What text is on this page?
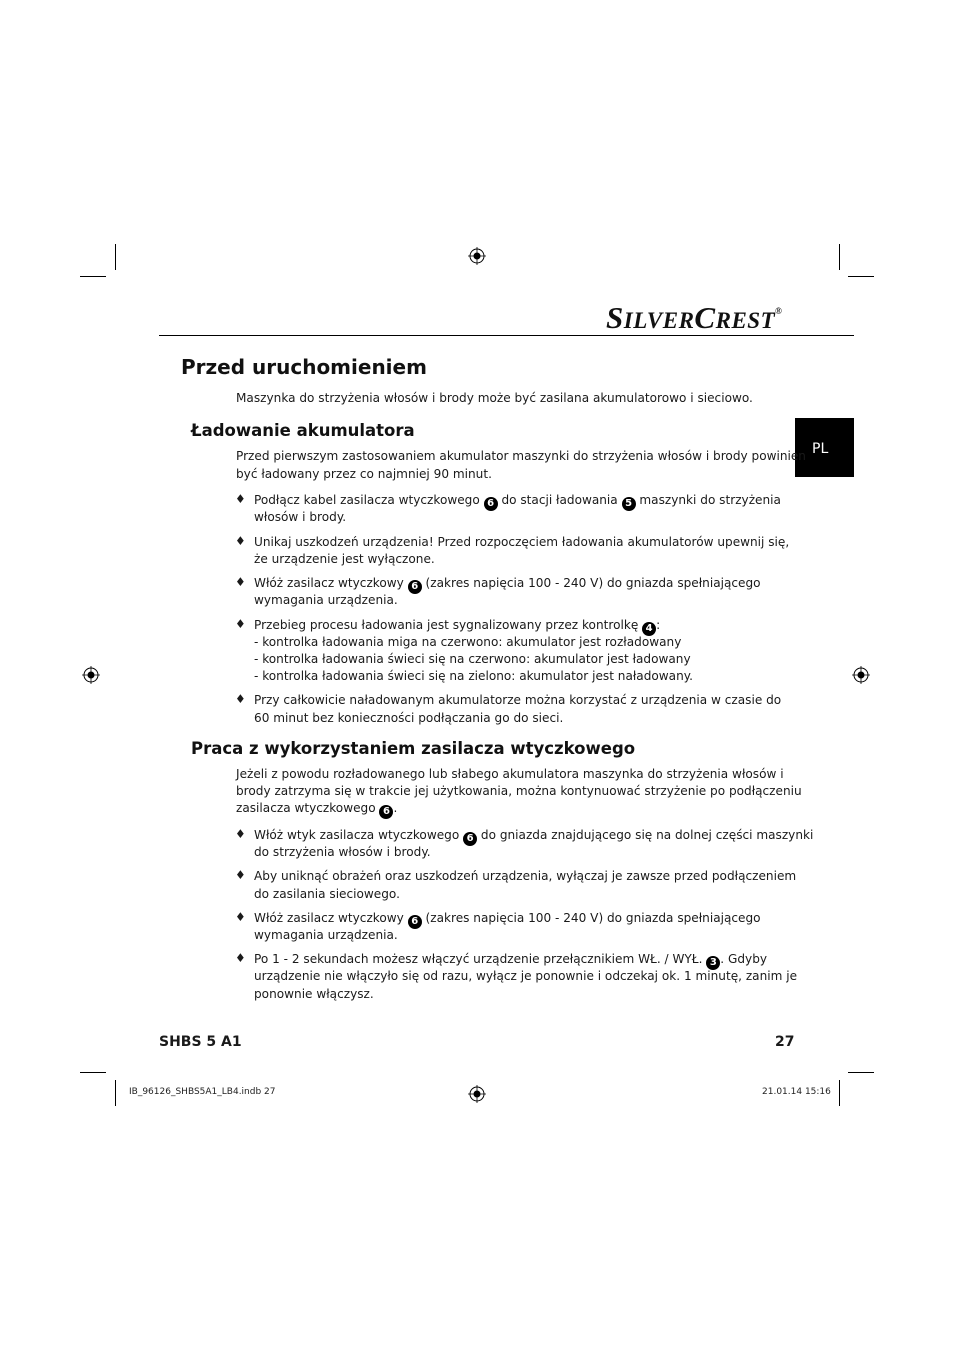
SILVERCREST®
PL
Przed uruchomieniem

Maszynka do strzyżenia włosów i brody może być zasilana akumulatorowo i sieciowo.

Ładowanie akumulatora

Przed pierwszym zastosowaniem akumulator maszynki do strzyżenia włosów i brody powinien

być ładowany przez co najmniej 90 minut.

♦ Podłącz kabel zasilacza wtyczkowego 6 do stacji ładowania 5 maszynki do strzyżenia

włosów i brody.

♦ Unikaj uszkodzeń urządzenia! Przed rozpoczęciem ładowania akumulatorów upewnij się,

że urządzenie jest wyłączone.

♦ Włóż zasilacz wtyczkowy 6 (zakres napięcia 100 - 240 V) do gniazda spełniającego

wymagania urządzenia.

♦ Przebieg procesu ładowania jest sygnalizowany przez kontrolkę 4 :

- kontrolka ładowania miga na czerwono: akumulator jest rozładowany

- kontrolka ładowania świeci się na czerwono: akumulator jest ładowany

- kontrolka ładowania świeci się na zielono: akumulator jest naładowany.

♦ Przy całkowicie naładowanym akumulatorze można korzystać z urządzenia w czasie do

60 minut bez konieczności podłączania go do sieci.

Praca z wykorzystaniem zasilacza wtyczkowego

Jeżeli z powodu rozładowanego lub słabego akumulatora maszynka do strzyżenia włosów i

brody zatrzyma się w trakcie jej użytkowania, można kontynuować strzyżenie po podłączeniu

zasilacza wtyczkowego 6 .

♦ Włóż wtyk zasilacza wtyczkowego 6 do gniazda znajdującego się na dolnej części maszynki

do strzyżenia włosów i brody.

♦ Aby uniknąć obrażeń oraz uszkodzeń urządzenia, wyłączaj je zawsze przed podłączeniem

do zasilania sieciowego.

♦ Włóż zasilacz wtyczkowy 6 (zakres napięcia 100 - 240 V) do gniazda spełniającego

wymagania urządzenia.

♦ Po 1 - 2 sekundach możesz włączyć urządzenie przełącznikiem WŁ. / WYŁ. 3 . Gdyby

urządzenie nie włączyło się od razu, wyłącz je ponownie i odczekaj ok. 1 minutę, zanim je

ponownie włączysz.

SHBS 5 A1	27
IB_96126_SHBS5A1_LB4.indb 27	21.01.14 15:16
